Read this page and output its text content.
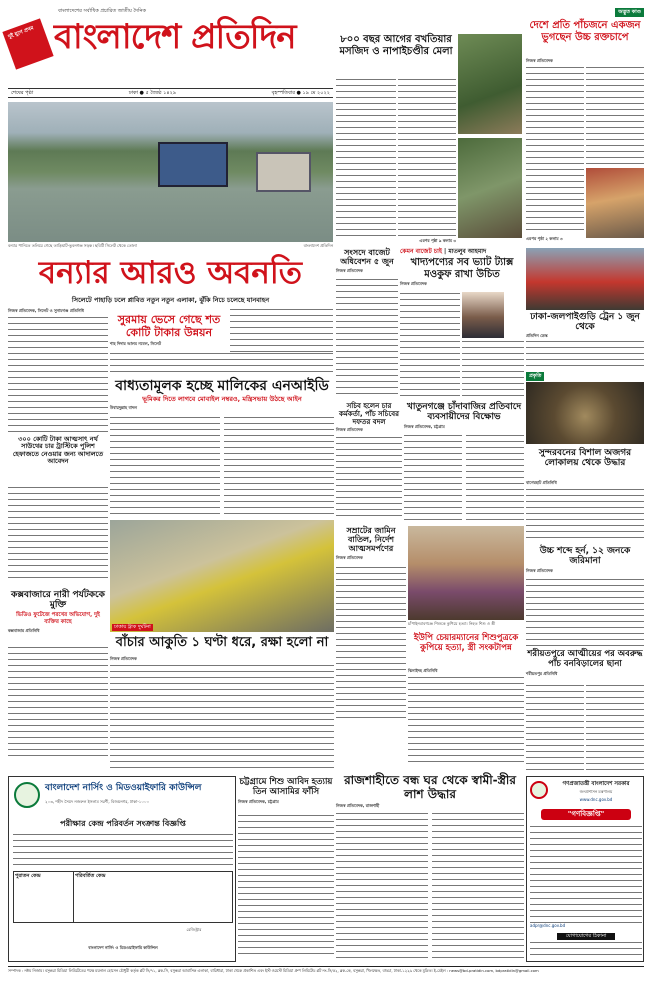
দুই যুগে প্রথম
বাংলাদেশের সর্বাধিক প্রচারিত জাতীয় দৈনিক
বাংলাদেশ প্রতিদিন
শেষের পৃষ্ঠা	ঢাকা ● ৫ জ্যৈষ্ঠ ১৪২৯	বৃহস্পতিবার ● ১৯ মে ২০২২
বন্যার পানিতে তলিয়ে গেছে তাড়িঘাট-ভুবনগঞ্জ সড়ক। ছবিটি সিলেট থেকে তোলা	বাংলাদেশ প্রতিদিন
৮০০ বছর আগের বখতিয়ার মসজিদ ও নাপাইচণ্ডীর মেলা
এরপর পৃষ্ঠা ৯ কলাম ৩
অদ্ভুত কাণ্ড
দেশে প্রতি পাঁচজনে একজন ভুগছেন উচ্চ রক্তচাপে
নিজস্ব প্রতিবেদক
এরপর পৃষ্ঠা ২ কলাম ৩
বন্যার আরও অবনতি
সিলেটে পাহাড়ি ঢলে প্লাবিত নতুন নতুন এলাকা, ঝুঁকি নিচে চলেছে যানবাহন
নিজস্ব প্রতিবেদক, সিলেট ও সুনামগঞ্জ প্রতিনিধি
সুরমায় ভেসে গেছে শত কোটি টাকার উন্নয়ন
শাহ দিদার আলম নবেল, সিলেট
সংসদে বাজেট অধিবেশন ৫ জুন
নিজস্ব প্রতিবেদক
কেমন বাজেট চাই | মাতলুব আহমাদ
খাদ্যপণ্যের সব ভ্যাট ট্যাক্স মওকুফ রাখা উচিত
নিজস্ব প্রতিবেদক
ঢাকা-জলপাইগুড়ি ট্রেন ১ জুন থেকে
প্রতিদিন ডেস্ক
৩০০ কোটি টাকা আত্মসাৎ নর্থ সাউথের চার ট্রাস্টিকে পুলিশ হেফাজতে নেওয়ার জন্য আদালতে আবেদন
বাধ্যতামূলক হচ্ছে মালিকের এনআইডি
ভূমিকর দিতে লাগবে মোবাইল নম্বরও, মন্ত্রিসভায় উঠছে আইন
উবায়দুল্লাহ বাদল	সচিব হলেন চার কর্মকর্তা, পাঁচ সচিবের দফতর বদল
নিজস্ব প্রতিবেদক
খাতুনগঞ্জে চাঁদাবাজির প্রতিবাদে ব্যবসায়ীদের বিক্ষোভ
নিজস্ব প্রতিবেদক, চট্টগ্রাম
প্রকৃতি
সুন্দরবনের বিশাল অজগর লোকালয় থেকে উদ্ধার
বাগেরহাট প্রতিনিধি
কক্সবাজারে নারী পর্যটককে মুক্তি
ভিডিও ফুটেজে পরখের অভিযোগ, দুই ব্যক্তির কাছে
কক্সবাজার প্রতিনিধি
ঢাকায় ট্রাক দুর্ঘটনা
বাঁচার আকুতি ১ ঘণ্টা ধরে, রক্ষা হলো না
নিজস্ব প্রতিবেদক
সম্রাটের জামিন বাতিল, নির্দেশ আত্মসমর্পণের
নিজস্ব প্রতিবেদক
চাঁপাইনবাবগঞ্জে শিশুকে কুপিয়ে হত্যা। নিহত শিশু ও স্ত্রী
ইউপি চেয়ারম্যানের শিশুপুত্রকে কুপিয়ে হত্যা, স্ত্রী সংকটাপন্ন
ঝিনাইদহ প্রতিনিধি
উচ্চ শব্দে হর্ন, ১২ জনকে জরিমানা
নিজস্ব প্রতিবেদক
শরীয়তপুরে আত্মীয়ের পর অবরুদ্ধ পাঁচ বনবিড়ালের ছানা
শরীয়তপুর প্রতিনিধি
বাংলাদেশ নার্সিং ও মিডওয়াইফারি কাউন্সিল
২০৩, শহীদ সৈয়দ নজরুল ইসলাম সরণী, বিজয়নগর, ঢাকা-১০০০
পরীক্ষার কেন্দ্র পরিবর্তন সংক্রান্ত বিজ্ঞপ্তি
পুরাতন কেন্দ্র	পরিবর্তিত কেন্দ্র
রেজিস্ট্রার
বাংলাদেশ নার্সিং ও মিডওয়াইফারি কাউন্সিল
চট্টগ্রামে শিশু আবিদ হত্যায় তিন আসামির ফাঁসি
নিজস্ব প্রতিবেদক, চট্টগ্রাম
রাজশাহীতে বন্ধ ঘর থেকে স্বামী-স্ত্রীর লাশ উদ্ধার
নিজস্ব প্রতিবেদক, রাজশাহী
গণপ্রজাতন্ত্রী বাংলাদেশ সরকার
জনপ্রশাসন মন্ত্রণালয়
www.dnc.gov.bd
"গণবিজ্ঞপ্তি"
adpr@dnc.gov.bd
যোগাযোগের ঠিকানা
সম্পাদক : নঈম নিজাম। বসুন্ধরা মিডিয়া লিমিটেডের পক্ষে ময়নাল হোসেন চৌধুরী কর্তৃক প্লট সি/৭১, ব্লক-সি, বসুন্ধরা আবাসিক এলাকা, বারিধারা, ঢাকা থেকে প্রকাশিত এবং ইস্ট ওয়েস্ট মিডিয়া গ্রুপ লিমিটেড প্লট নং-সি/৫২, ব্লক-কে, বসুন্ধরা, খিলক্ষেত, বাড্ডা, ঢাকা-১২২৯ থেকে মুদ্রিত। ই-মেইল : news@bd-pratidin.com, bdpratidin@gmail.com
